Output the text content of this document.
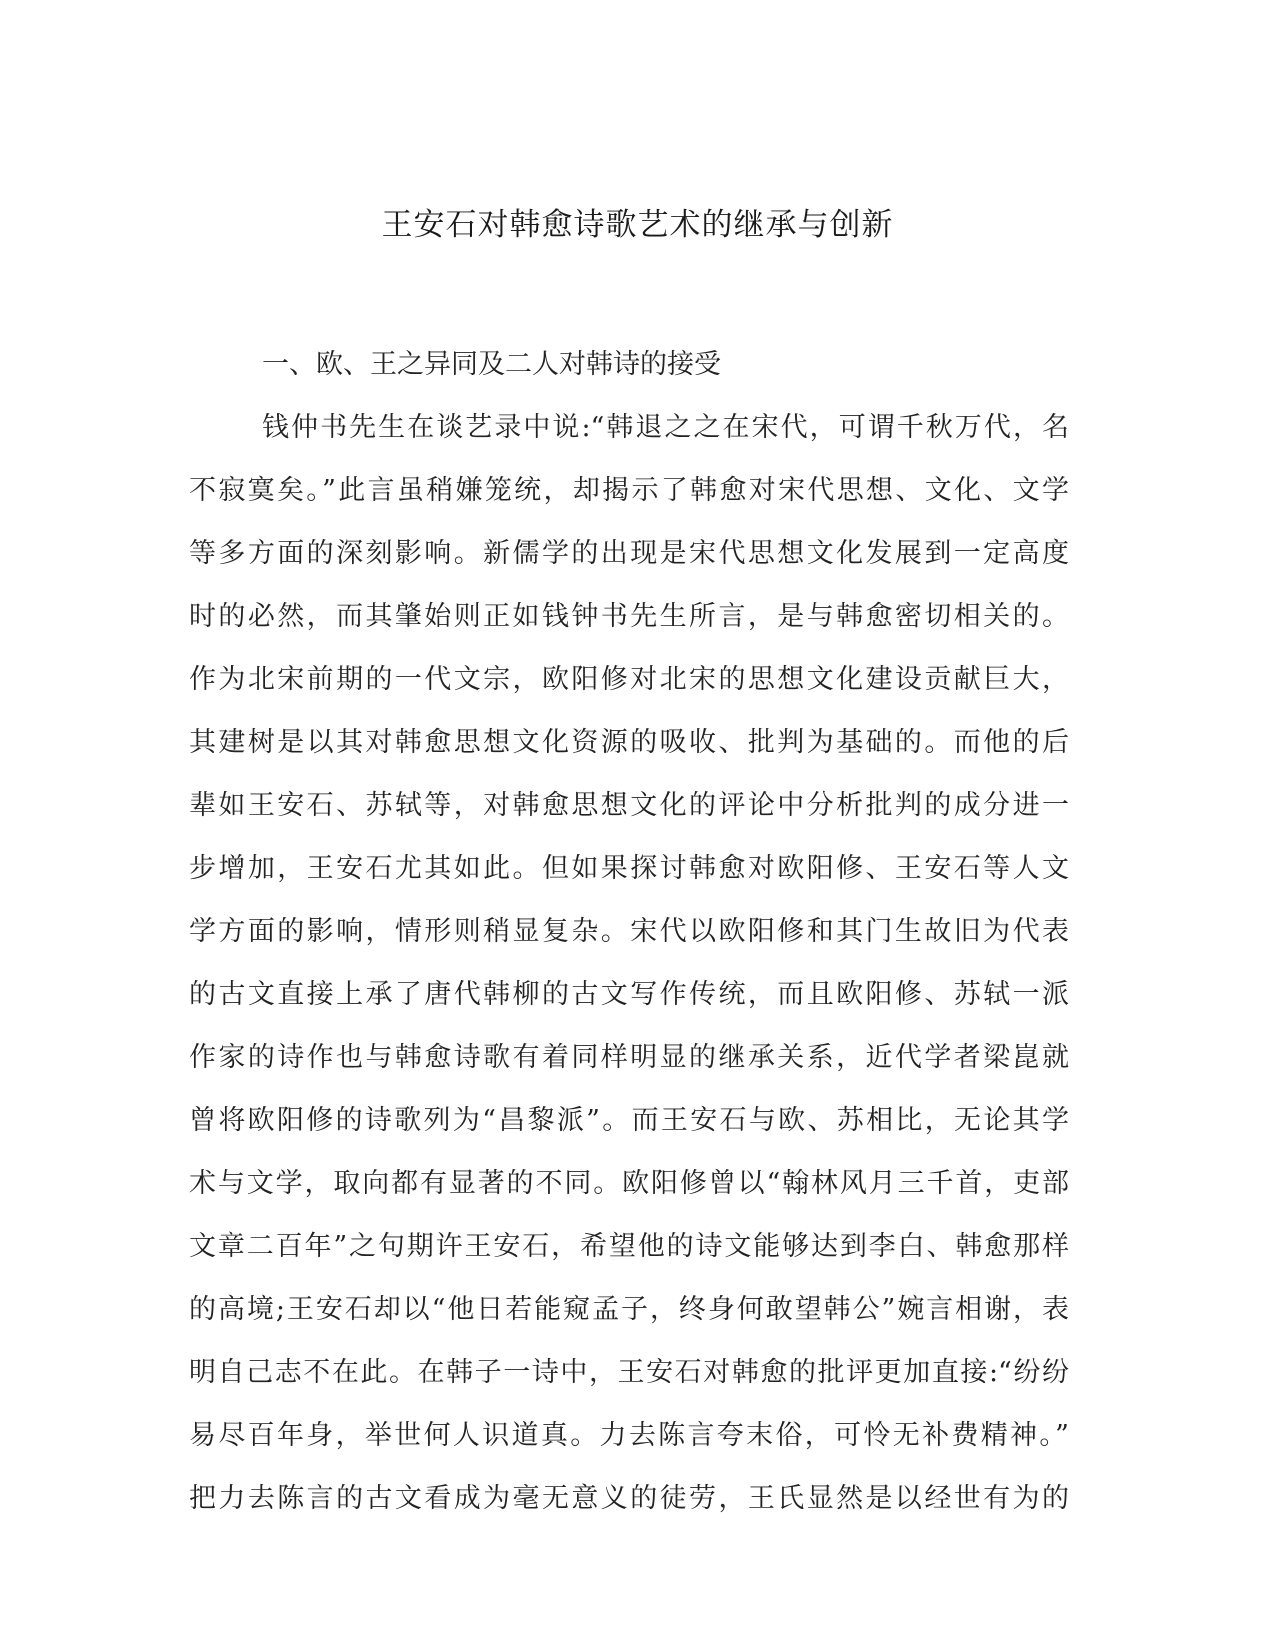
王安石对韩愈诗歌艺术的继承与创新
一、欧、王之异同及二人对韩诗的接受
钱仲书先生在谈艺录中说:“韩退之之在宋代，可谓千秋万代，名
不寂寞矣。”此言虽稍嫌笼统，却揭示了韩愈对宋代思想、文化、文学
等多方面的深刻影响。新儒学的出现是宋代思想文化发展到一定高度
时的必然，而其肇始则正如钱钟书先生所言，是与韩愈密切相关的。
作为北宋前期的一代文宗，欧阳修对北宋的思想文化建设贡献巨大，
其建树是以其对韩愈思想文化资源的吸收、批判为基础的。而他的后
辈如王安石、苏轼等，对韩愈思想文化的评论中分析批判的成分进一
步增加，王安石尤其如此。但如果探讨韩愈对欧阳修、王安石等人文
学方面的影响，情形则稍显复杂。宋代以欧阳修和其门生故旧为代表
的古文直接上承了唐代韩柳的古文写作传统，而且欧阳修、苏轼一派
作家的诗作也与韩愈诗歌有着同样明显的继承关系，近代学者梁崑就
曾将欧阳修的诗歌列为“昌黎派”。而王安石与欧、苏相比，无论其学
术与文学，取向都有显著的不同。欧阳修曾以“翰林风月三千首，吏部
文章二百年”之句期许王安石，希望他的诗文能够达到李白、韩愈那样
的高境;王安石却以“他日若能窥孟子，终身何敢望韩公”婉言相谢，表
明自己志不在此。在韩子一诗中，王安石对韩愈的批评更加直接:“纷纷
易尽百年身，举世何人识道真。力去陈言夸末俗，可怜无补费精神。”
把力去陈言的古文看成为毫无意义的徒劳，王氏显然是以经世有为的
